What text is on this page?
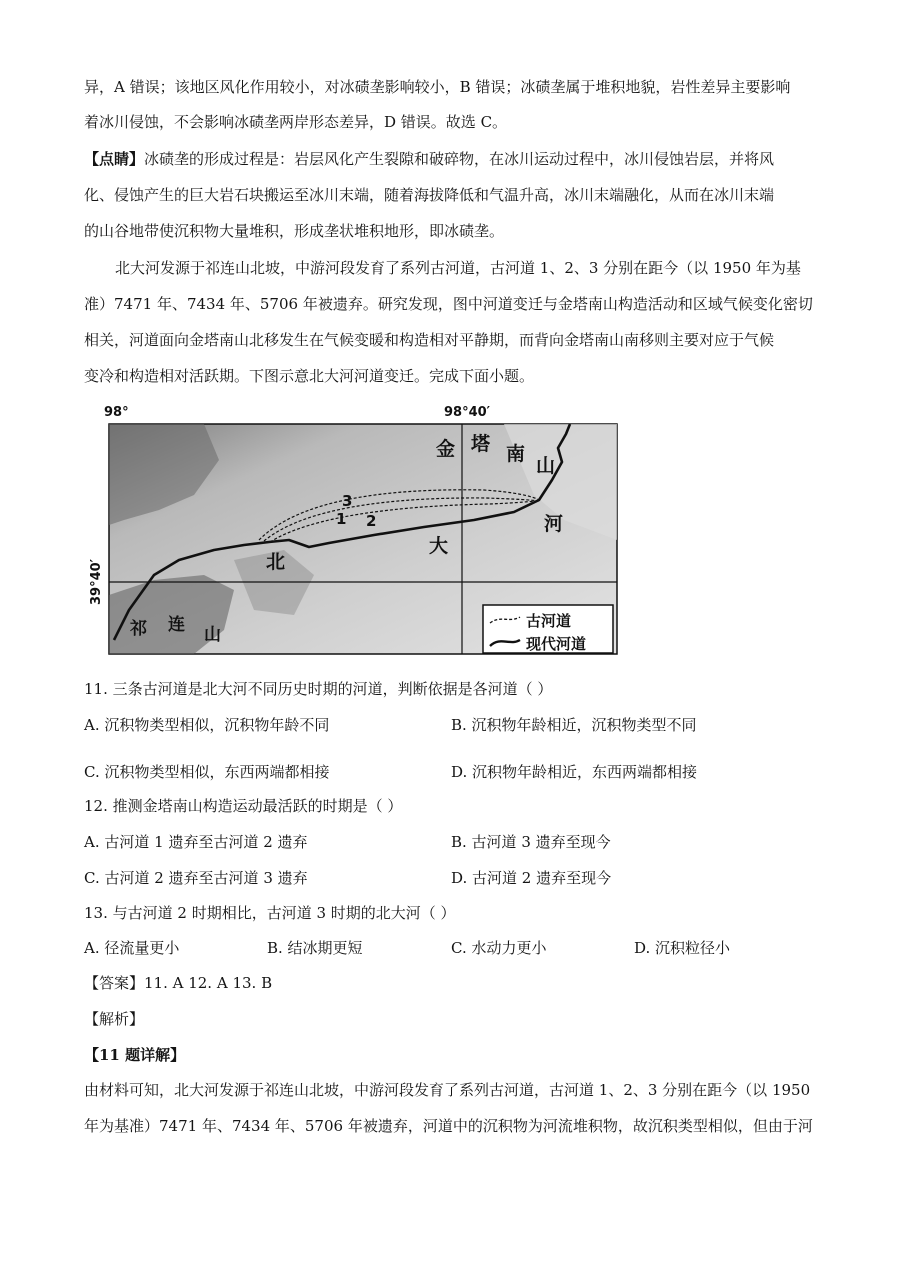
异，A 错误；该地区风化作用较小，对冰碛垄影响较小，B 错误；冰碛垄属于堆积地貌，岩性差异主要影响
着冰川侵蚀，不会影响冰碛垄两岸形态差异，D 错误。故选 C。
【点睛】冰碛垄的形成过程是：岩层风化产生裂隙和破碎物，在冰川运动过程中，冰川侵蚀岩层，并将风
化、侵蚀产生的巨大岩石块搬运至冰川末端，随着海拔降低和气温升高，冰川末端融化，从而在冰川末端
的山谷地带使沉积物大量堆积，形成垄状堆积地形，即冰碛垄。
北大河发源于祁连山北坡，中游河段发育了系列古河道，古河道 1、2、3 分别在距今（以 1950 年为基
准）7471 年、7434 年、5706 年被遗弃。研究发现，图中河道变迁与金塔南山构造活动和区域气候变化密切
相关，河道面向金塔南山北移发生在气候变暖和构造相对平静期，而背向金塔南山南移则主要对应于气候
变冷和构造相对活跃期。下图示意北大河河道变迁。完成下面小题。
98°	98°40′
39°40′
金 塔 南
山
北
大
河
祁 连 山
3
1 2
古河道
现代河道
11. 三条古河道是北大河不同历史时期的河道，判断依据是各河道（ ）
A. 沉积物类型相似，沉积物年龄不同	B. 沉积物年龄相近，沉积物类型不同
C. 沉积物类型相似，东西两端都相接	D. 沉积物年龄相近，东西两端都相接
12. 推测金塔南山构造运动最活跃的时期是（ ）
A. 古河道 1 遗弃至古河道 2 遗弃	B. 古河道 3 遗弃至现今
C. 古河道 2 遗弃至古河道 3 遗弃	D. 古河道 2 遗弃至现今
13. 与古河道 2 时期相比，古河道 3 时期的北大河（ ）
A. 径流量更小	B. 结冰期更短	C. 水动力更小	D. 沉积粒径小
【答案】11. A 12. A 13. B
【解析】
【11 题详解】
由材料可知，北大河发源于祁连山北坡，中游河段发育了系列古河道，古河道 1、2、3 分别在距今（以 1950
年为基准）7471 年、7434 年、5706 年被遗弃，河道中的沉积物为河流堆积物，故沉积类型相似，但由于河
